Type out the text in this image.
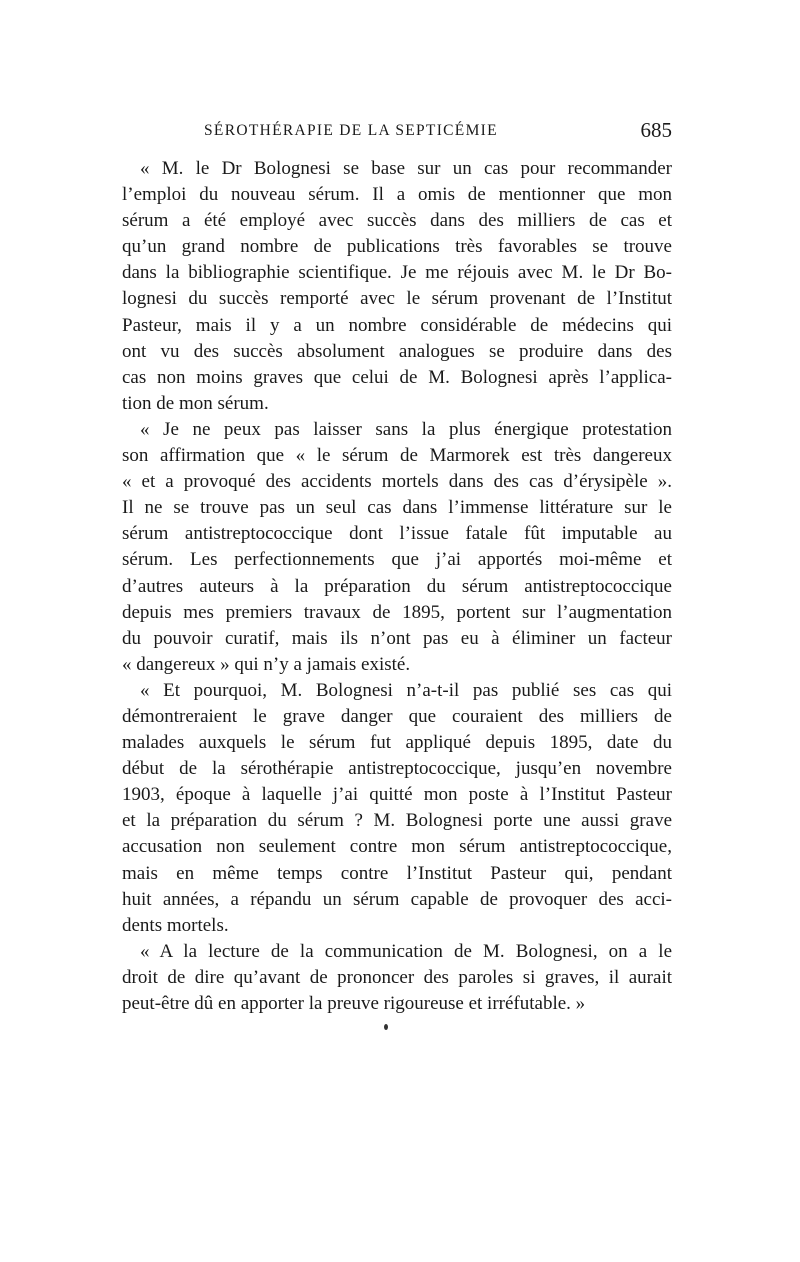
SÉROTHÉRAPIE DE LA SEPTICÉMIE	685
« M. le Dr Bolognesi se base sur un cas pour recommander
l’emploi du nouveau sérum. Il a omis de mentionner que mon
sérum a été employé avec succès dans des milliers de cas et
qu’un grand nombre de publications très favorables se trouve
dans la bibliographie scientifique. Je me réjouis avec M. le Dr Bo-
lognesi du succès remporté avec le sérum provenant de l’Institut
Pasteur, mais il y a un nombre considérable de médecins qui
ont vu des succès absolument analogues se produire dans des
cas non moins graves que celui de M. Bolognesi après l’applica-
tion de mon sérum.
« Je ne peux pas laisser sans la plus énergique protestation
son affirmation que « le sérum de Marmorek est très dangereux
« et a provoqué des accidents mortels dans des cas d’érysipèle ».
Il ne se trouve pas un seul cas dans l’immense littérature sur le
sérum antistreptococcique dont l’issue fatale fût imputable au
sérum. Les perfectionnements que j’ai apportés moi-même et
d’autres auteurs à la préparation du sérum antistreptococcique
depuis mes premiers travaux de 1895, portent sur l’augmentation
du pouvoir curatif, mais ils n’ont pas eu à éliminer un facteur
« dangereux » qui n’y a jamais existé.
« Et pourquoi, M. Bolognesi n’a-t-il pas publié ses cas qui
démontreraient le grave danger que couraient des milliers de
malades auxquels le sérum fut appliqué depuis 1895, date du
début de la sérothérapie antistreptococcique, jusqu’en novembre
1903, époque à laquelle j’ai quitté mon poste à l’Institut Pasteur
et la préparation du sérum ? M. Bolognesi porte une aussi grave
accusation non seulement contre mon sérum antistreptococcique,
mais en même temps contre l’Institut Pasteur qui, pendant
huit années, a répandu un sérum capable de provoquer des acci-
dents mortels.
« A la lecture de la communication de M. Bolognesi, on a le
droit de dire qu’avant de prononcer des paroles si graves, il aurait
peut-être dû en apporter la preuve rigoureuse et irréfutable. »
